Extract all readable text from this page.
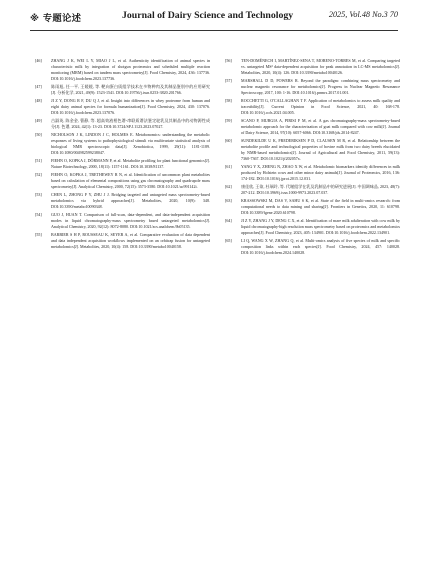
※ 专题论述	Journal of Dairy Science and Technology	2025, Vol.48 No.3 70
[46] ZHANG J K, WEI L Y, MIAO J L, et al. Authenticity identification of animal species in characteristic milk by integration of shotgun proteomics and scheduled multiple reaction monitoring (MRM) based on tandem mass spectrometry[J]. Food Chemistry, 2024, 436: 137736. DOI:10.1016/j.foodchem.2023.137736.
[47] 陈雨旭, 任一平, 王媛媛, 等. 靶向蛋白质组学技术在多物种肉及其制品鉴别中的应用研究[J]. 分析化学, 2021, 49(9): 1523-1541. DOI:10.19756/j.issn.0253-3820.201766.
[48] JI Z Y, DONG R F, DU Q J, et al. Insight into differences in whey proteome from human and eight dairy animal species for formula humanization[J]. Food Chemistry, 2024, 430: 137076. DOI:10.1016/j.foodchem.2023.137076.
[49] 古淑英, 陈金金, 曹静, 等. 超高效液相色谱-串联质谱法鉴定驼乳及其制品中的动物源性成分[J]. 色谱, 2024, 42(1): 13-23. DOI:10.3724/SP.J.1123.2023.07027.
[50] NICHOLSON J K, LINDON J C, HOLMES E. Metabonomics: understanding the metabolic responses of living systems to pathophysiological stimuli via multivariate statistical analysis of biological NMR spectroscopic data[J]. Xenobiotica, 1999, 29(11): 1181-1189. DOI:10.1080/004982599238047.
[51] FIEHN O, KOPKA J, DÖRMANN P, et al. Metabolite profiling for plant functional genomics[J]. Nature Biotechnology, 2000, 18(11): 1157-1161. DOI:10.1038/81137.
[52] FIEHN O, KOPKA J, TRETHEWEY R N, et al. Identification of uncommon plant metabolites based on calculation of elemental compositions using gas chromatography and quadrupole mass spectrometry[J]. Analytical Chemistry, 2000, 72(15): 3573-3580. DOI:10.1021/ac991142i.
[53] CHEN L, ZHONG F Y, ZHU J J. Bridging targeted and untargeted mass spectrometry-based metabolomics via hybrid approaches[J]. Metabolites, 2020, 10(9): 348. DOI:10.3390/metabo10090348.
[54] GUO J, HUAN T. Comparison of full-scan, data-dependent, and data-independent acquisition modes in liquid chromatography-mass spectrometry based untargeted metabolomics[J]. Analytical Chemistry, 2020, 92(12): 8072-8080. DOI:10.1021/acs.analchem.9b05135.
[55] BARBIER S H P, ROUSSEAU K, SEYER A, et al. Comparative evaluation of data dependent and data independent acquisition workflows implemented on an orbitrap fusion for untargeted metabolomics[J]. Metabolites, 2020, 10(4): 158. DOI:10.3390/metabo10040158.
[56] TEN-DOMÉNECH I, MARTÍNEZ-SENA T, MORENO-TORRES M, et al. Comparing targeted vs. untargeted MS² data-dependent acquisition for peak annotation in LC-MS metabolomics[J]. Metabolites, 2020, 10(4): 126. DOI:10.3390/metabo10040126.
[57] MARSHALL D D, POWERS R. Beyond the paradigm: combining mass spectrometry and nuclear magnetic resonance for metabolomics[J]. Progress in Nuclear Magnetic Resonance Spectroscopy, 2017, 100: 1-16. DOI:10.1016/j.pnmrs.2017.01.001.
[58] ROCCHETTI G, O'CALLAGHAN T F. Application of metabolomics to assess milk quality and traceability[J]. Current Opinion in Food Science, 2021, 40: 168-178. DOI:10.1016/j.cofs.2021.04.005.
[59] SCANO P, MURGIA A, PIRISI F M, et al. A gas chromatography-mass spectrometry-based metabolomic approach for the characterization of goat milk compared with cow milk[J]. Journal of Dairy Science, 2014, 97(10): 6057-6066. DOI:10.3168/jds.2014-8247.
[60] SUNDEKILDE U K, FREDERIKSEN P D, CLAUSEN M R, et al. Relationship between the metabolite profile and technological properties of bovine milk from two dairy breeds elucidated by NMR-based metabolomics[J]. Journal of Agricultural and Food Chemistry, 2011, 59(13): 7360-7367. DOI:10.1021/jf202057x.
[61] YANG Y X, ZHENG N, ZHAO X W, et al. Metabolomic biomarkers identify differences in milk produced by Holstein cows and other minor dairy animals[J]. Journal of Proteomics, 2016, 136: 174-182. DOI:10.1016/j.jprot.2015.12.031.
[62] 康佳欣, 王欲, 杜瑞玲, 等. 代谢组学在乳及乳制品中的研究进展[J]. 中国调味品, 2023, 48(7): 207-212. DOI:10.3969/j.issn.1000-9973.2023.07.037.
[63] KRASSOWSKI M, DAS V, SAHU S K, et al. State of the field in multi-omics research: from computational needs to data mining and sharing[J]. Frontiers in Genetics, 2020, 11: 610798. DOI:10.3389/fgene.2020.610798.
[64] JI Z Y, ZHANG J Y, DENG C X, et al. Identification of mare milk adulteration with cow milk by liquid chromatography-high resolution mass spectrometry based on proteomics and metabolomics approaches[J]. Food Chemistry, 2023, 405: 134901. DOI:10.1016/j.foodchem.2022.134901.
[65] LI Q, WANG X W, ZHANG Q, et al. Multi-omics analysis of five species of milk and specific composition links within each species[J]. Food Chemistry, 2024, 457: 140028. DOI:10.1016/j.foodchem.2024.140028.
